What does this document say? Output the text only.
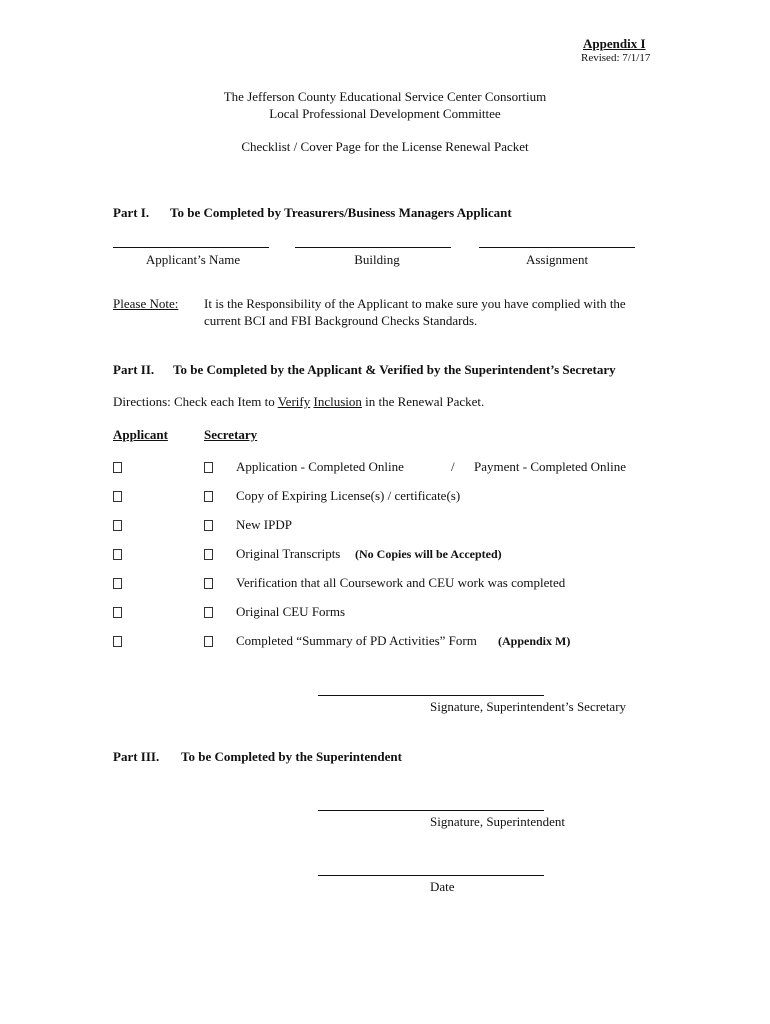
Appendix I
Revised: 7/1/17
The Jefferson County Educational Service Center Consortium
Local Professional Development Committee
Checklist / Cover Page for the License Renewal Packet
Part I. To be Completed by Treasurers/Business Managers Applicant
Applicant’s Name	Building	Assignment
Please Note: It is the Responsibility of the Applicant to make sure you have complied with the
current BCI and FBI Background Checks Standards.
Part II. To be Completed by the Applicant & Verified by the Superintendent’s Secretary
Directions: Check each Item to Verify Inclusion in the Renewal Packet.
Applicant	Secretary
Application - Completed Online	/ Payment - Completed Online
Copy of Expiring License(s) / certificate(s)
New IPDP
Original Transcripts (No Copies will be Accepted)
Verification that all Coursework and CEU work was completed
Original CEU Forms
Completed “Summary of PD Activities” Form (Appendix M)
Signature, Superintendent’s Secretary
Part III. To be Completed by the Superintendent
Signature, Superintendent
Date
